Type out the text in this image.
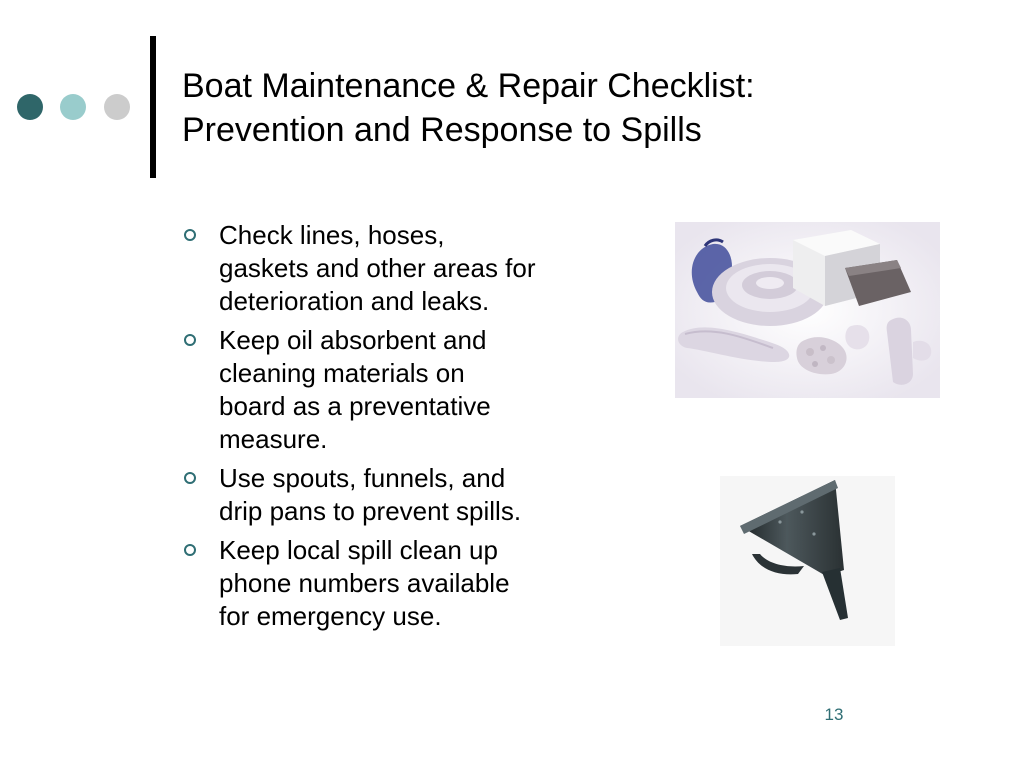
Boat Maintenance & Repair Checklist:
Prevention and Response to Spills
Check lines, hoses,
gaskets and other areas for
deterioration and leaks.
Keep oil absorbent and
cleaning materials on
board as a preventative
measure.
Use spouts, funnels, and
drip pans to prevent spills.
Keep local spill clean up
phone numbers available
for emergency use.
13
